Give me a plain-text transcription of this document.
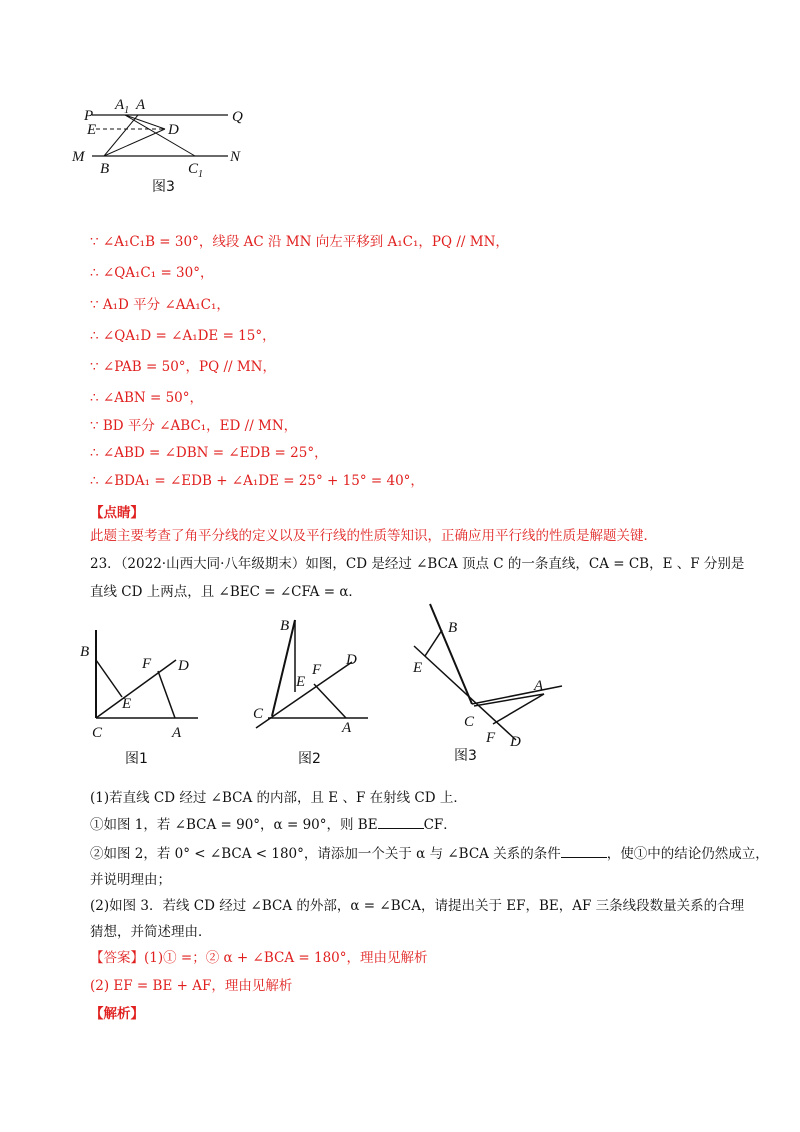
P
$A_1$ A
Q
E	D
M
B	$C_1$
N
图3
∵ ∠A₁C₁B = 30°，线段 AC 沿 MN 向左平移到 A₁C₁，PQ // MN，
∴ ∠QA₁C₁ = 30°，
∵ A₁D 平分 ∠AA₁C₁，
∴ ∠QA₁D = ∠A₁DE = 15°，
∵ ∠PAB = 50°，PQ // MN，
∴ ∠ABN = 50°，
∵ BD 平分 ∠ABC₁，ED // MN，
∴ ∠ABD = ∠DBN = ∠EDB = 25°，
∴ ∠BDA₁ = ∠EDB + ∠A₁DE = 25° + 15° = 40°，
【点睛】
此题主要考查了角平分线的定义以及平行线的性质等知识，正确应用平行线的性质是解题关键．
23．（2022·山西大同·八年级期末）如图，CD 是经过 ∠BCA 顶点 C 的一条直线，CA = CB，E 、F 分别是
直线 CD 上两点，且 ∠BEC = ∠CFA = α．
B
F D
E
C	A
图1
B
F
D
E
C
A
图2
B
E
A
C
F D
图3
(1)若直线 CD 经过 ∠BCA 的内部，且 E 、F 在射线 CD 上．
①如图 1，若 ∠BCA = 90°，α = 90°，则 BE	CF．
②如图 2，若 0° < ∠BCA < 180°，请添加一个关于 α 与 ∠BCA 关系的条件	，使①中的结论仍然成立，
并说明理由；
(2)如图 3．若线 CD 经过 ∠BCA 的外部，α = ∠BCA，请提出关于 EF，BE，AF 三条线段数量关系的合理
猜想，并简述理由．
【答案】(1)① =；② α + ∠BCA = 180°，理由见解析
(2) EF = BE + AF，理由见解析
【解析】
